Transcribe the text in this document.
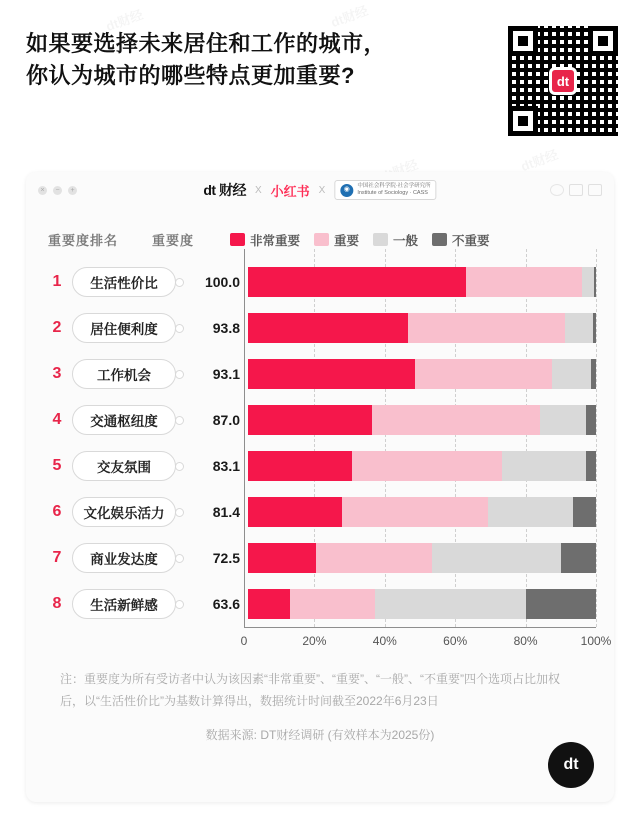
如果要选择未来居住和工作的城市，
你认为城市的哪些特点更加重要?	dt
×	−	+	dt 财经 X 小红书 X	◉	中国社会科学院·社会学研究所
Institute of Sociology · CASS
重要度排名	重要度	非常重要	重要	一般	不重要
1	生活性价比	100.0
2	居住便利度	93.8
3	工作机会	93.1
4	交通枢纽度	87.0
5	交友氛围	83.1
6	文化娱乐活力	81.4
7	商业发达度	72.5
8	生活新鲜感	63.6
0	20%	40%	60%	80%	100%
注：重要度为所有受访者中认为该因素“非常重要”、“重要”、“一般”、“不重要”四个选项占比加权后，以“生活性价比”为基数计算得出，数据统计时间截至2022年6月23日
数据来源: DT财经调研 (有效样本为2025份)
dt
